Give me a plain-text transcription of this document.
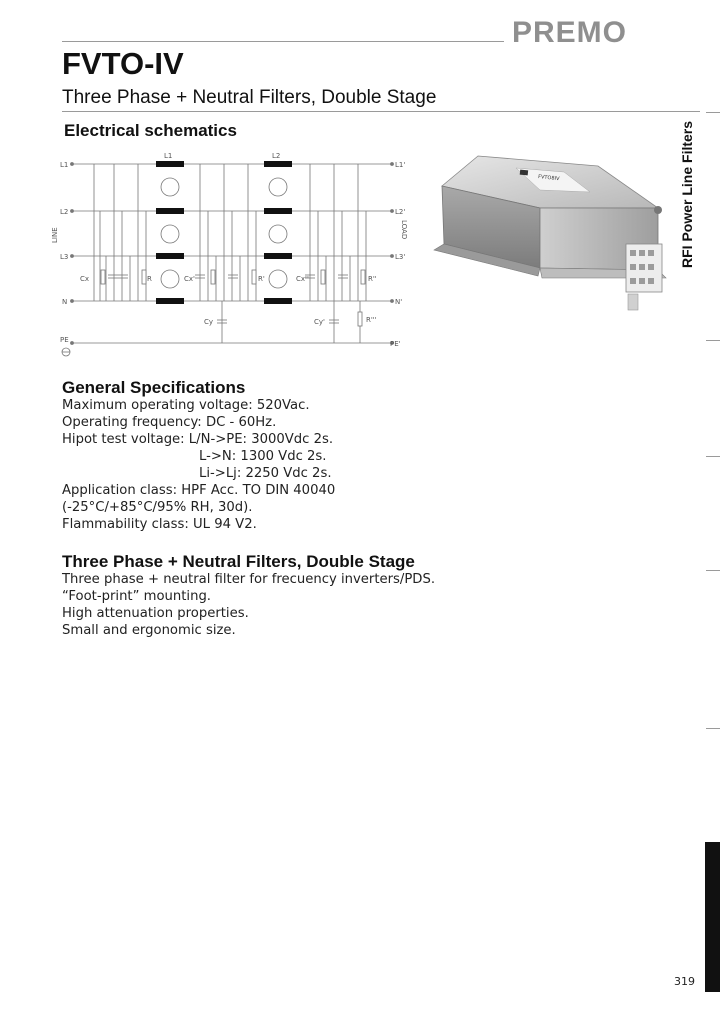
PREMO
FVTO-IV
Three Phase + Neutral Filters, Double Stage
RFI Power Line Filters
Electrical schematics
L1
L2
L3
N
PE
L1'
L2'
L3'
N'
PE'
L1	L2
Cx	R	Cx'	R'	Cx''	R''
Cy	Cy'	R'''
LINE	LOAD
FVTO8IV
General Specifications
Maximum operating voltage: 520Vac.
Operating frequency: DC - 60Hz.
Hipot test voltage: L/N->PE: 3000Vdc 2s.
L->N: 1300 Vdc 2s.
Li->Lj: 2250 Vdc 2s.
Application class: HPF Acc. TO DIN 40040
(-25°C/+85°C/95% RH, 30d).
Flammability class: UL 94 V2.
Three Phase + Neutral Filters, Double Stage
Three phase + neutral filter for frecuency inverters/PDS.
“Foot-print” mounting.
High attenuation properties.
Small and ergonomic size.
319
